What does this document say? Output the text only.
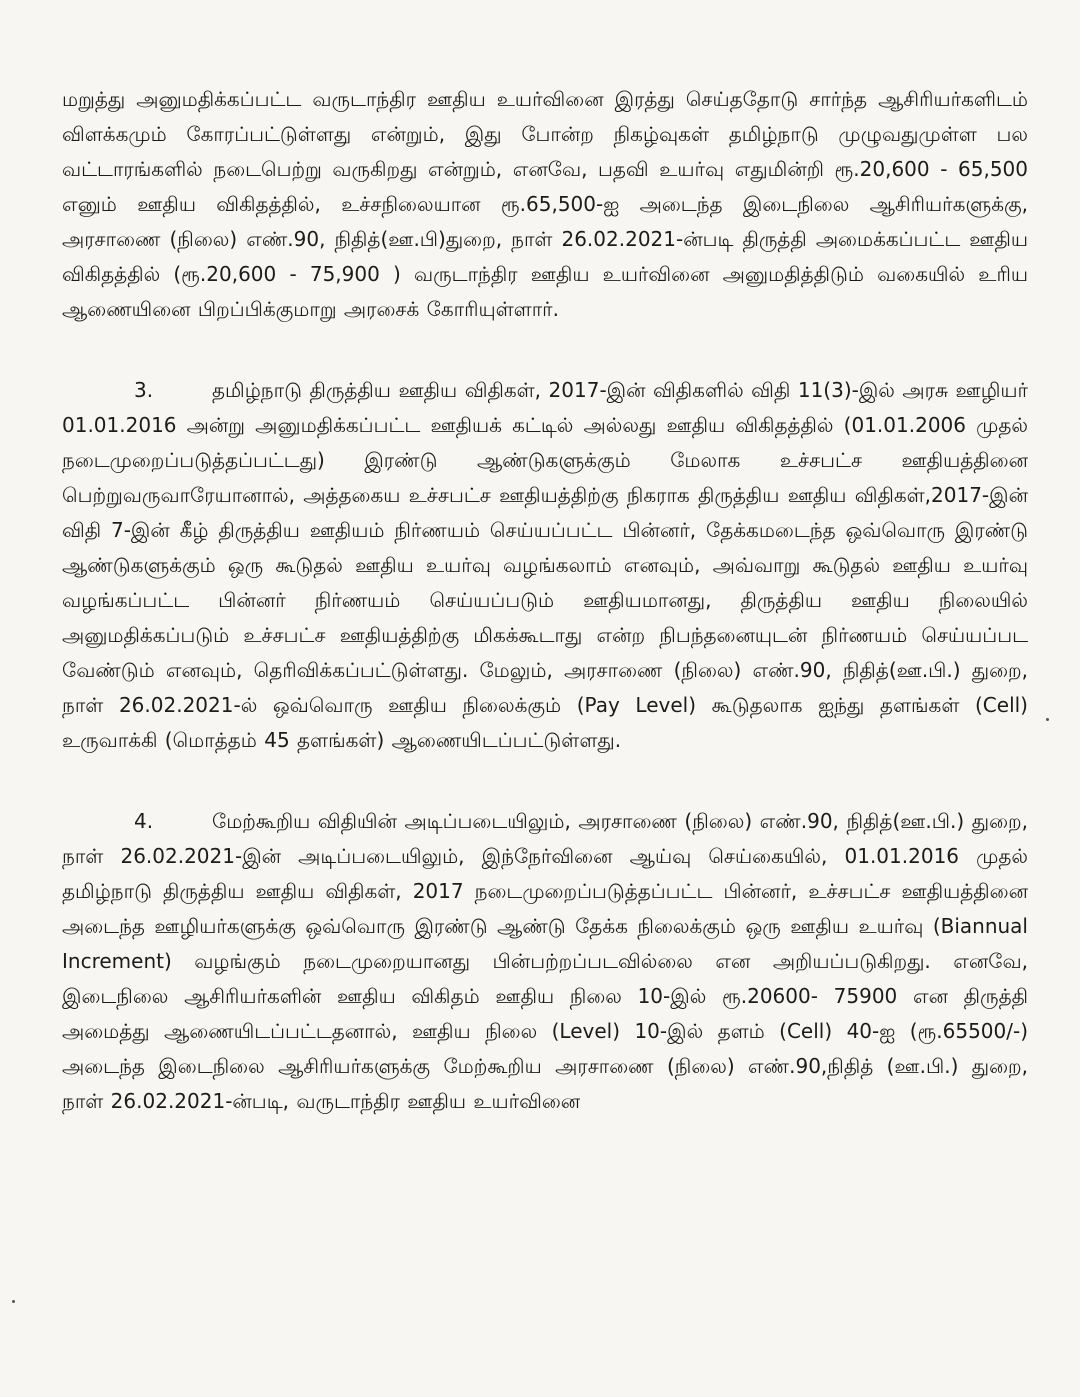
மறுத்து அனுமதிக்கப்பட்ட வருடாந்திர ஊதிய உயர்வினை இரத்து செய்ததோடு சார்ந்த ஆசிரியர்களிடம் விளக்கமும் கோரப்பட்டுள்ளது என்றும், இது போன்ற நிகழ்வுகள் தமிழ்நாடு முழுவதுமுள்ள பல வட்டாரங்களில் நடைபெற்று வருகிறது என்றும், எனவே, பதவி உயர்வு எதுமின்றி ரூ.20,600 - 65,500 எனும் ஊதிய விகிதத்தில், உச்சநிலையான ரூ.65,500-ஐ அடைந்த இடைநிலை ஆசிரியர்களுக்கு, அரசாணை (நிலை) எண்.90, நிதித்(ஊ.பி)துறை, நாள் 26.02.2021-ன்படி திருத்தி அமைக்கப்பட்ட ஊதிய விகிதத்தில் (ரூ.20,600 - 75,900 ) வருடாந்திர ஊதிய உயர்வினை அனுமதித்திடும் வகையில் உரிய ஆணையினை பிறப்பிக்குமாறு அரசைக் கோரியுள்ளார்.

3.	தமிழ்நாடு திருத்திய ஊதிய விதிகள், 2017-இன் விதிகளில் விதி 11(3)-இல் அரசு ஊழியர் 01.01.2016 அன்று அனுமதிக்கப்பட்ட ஊதியக் கட்டில் அல்லது ஊதிய விகிதத்தில் (01.01.2006 முதல் நடைமுறைப்படுத்தப்பட்டது) இரண்டு ஆண்டுகளுக்கும் மேலாக உச்சபட்ச ஊதியத்தினை பெற்றுவருவாரேயானால், அத்தகைய உச்சபட்ச ஊதியத்திற்கு நிகராக திருத்திய ஊதிய விதிகள்,2017-இன் விதி 7-இன் கீழ் திருத்திய ஊதியம் நிர்ணயம் செய்யப்பட்ட பின்னர், தேக்கமடைந்த ஒவ்வொரு இரண்டு ஆண்டுகளுக்கும் ஒரு கூடுதல் ஊதிய உயர்வு வழங்கலாம் எனவும், அவ்வாறு கூடுதல் ஊதிய உயர்வு வழங்கப்பட்ட பின்னர் நிர்ணயம் செய்யப்படும் ஊதியமானது, திருத்திய ஊதிய நிலையில் அனுமதிக்கப்படும் உச்சபட்ச ஊதியத்திற்கு மிகக்கூடாது என்ற நிபந்தனையுடன் நிர்ணயம் செய்யப்பட வேண்டும் எனவும், தெரிவிக்கப்பட்டுள்ளது. மேலும், அரசாணை (நிலை) எண்.90, நிதித்(ஊ.பி.) துறை, நாள் 26.02.2021-ல் ஒவ்வொரு ஊதிய நிலைக்கும் (Pay Level) கூடுதலாக ஐந்து தளங்கள் (Cell) உருவாக்கி (மொத்தம் 45 தளங்கள்) ஆணையிடப்பட்டுள்ளது.

4.	மேற்கூறிய விதியின் அடிப்படையிலும், அரசாணை (நிலை) எண்.90, நிதித்(ஊ.பி.) துறை, நாள் 26.02.2021-இன் அடிப்படையிலும், இந்நேர்வினை ஆய்வு செய்கையில், 01.01.2016 முதல் தமிழ்நாடு திருத்திய ஊதிய விதிகள், 2017 நடைமுறைப்படுத்தப்பட்ட பின்னர், உச்சபட்ச ஊதியத்தினை அடைந்த ஊழியர்களுக்கு ஒவ்வொரு இரண்டு ஆண்டு தேக்க நிலைக்கும் ஒரு ஊதிய உயர்வு (Biannual Increment) வழங்கும் நடைமுறையானது பின்பற்றப்படவில்லை என அறியப்படுகிறது. எனவே, இடைநிலை ஆசிரியர்களின் ஊதிய விகிதம் ஊதிய நிலை 10-இல் ரூ.20600- 75900 என திருத்தி அமைத்து ஆணையிடப்பட்டதனால், ஊதிய நிலை (Level) 10-இல் தளம் (Cell) 40-ஐ (ரூ.65500/-) அடைந்த இடைநிலை ஆசிரியர்களுக்கு மேற்கூறிய அரசாணை (நிலை) எண்.90,நிதித் (ஊ.பி.) துறை, நாள் 26.02.2021-ன்படி, வருடாந்திர ஊதிய உயர்வினை
